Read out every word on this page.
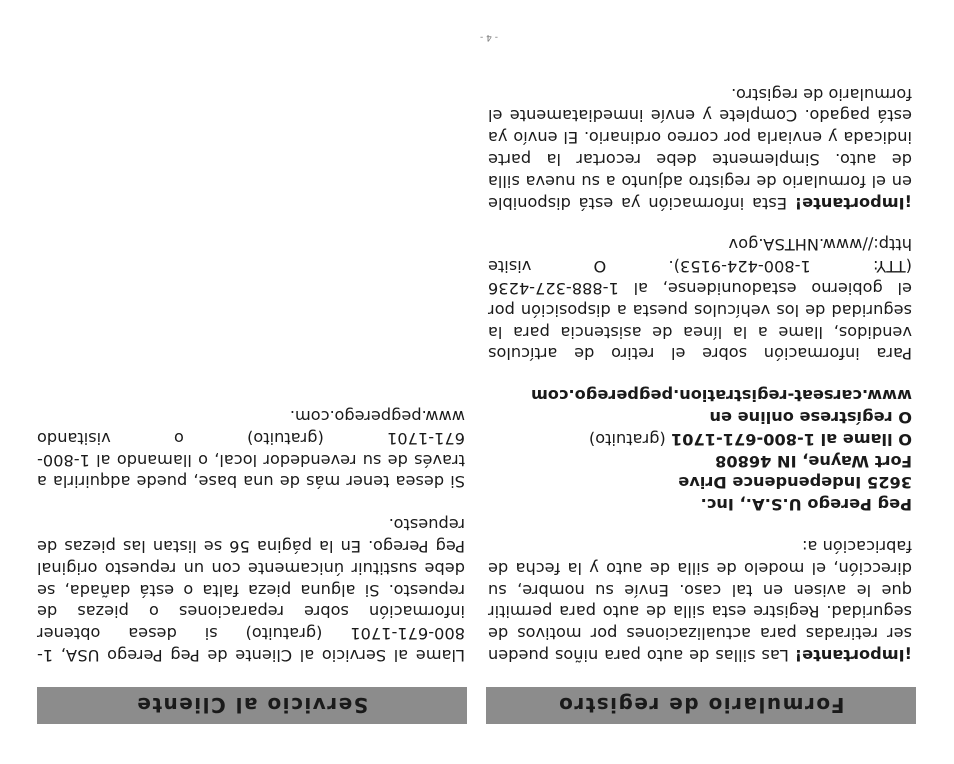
Formulario de registro

¡Importante! Las sillas de auto para niños pueden ser retiradas para actualizaciones por motivos de seguridad. Registre esta silla de auto para permitir que le avisen en tal caso. Envíe su nombre, su dirección, el modelo de silla de auto y la fecha de fabricación a:

Peg Perego U.S.A., Inc.

3625 Independence Drive

Fort Wayne, IN 46808

O llame al 1-800-671-1701 (gratuito)

O regístrese online en

www.carseat-registration.pegperego.com

Para información sobre el retiro de artículos vendidos, llame a la línea de asistencia para la seguridad de los vehículos puesta a disposición por el gobierno estadounidense, al 1-888-327-4236 (TTY: 1-800-424-9153). O visite http://www.NHTSA.gov

¡Importante! Esta información ya está disponible en el formulario de registro adjunto a su nueva silla de auto. Simplemente debe recortar la parte indicada y enviarla por correo ordinario. El envío ya está pagado. Complete y envíe inmediatamente el formulario de registro.

Servicio al Cliente

Llame al Servicio al Cliente de Peg Perego USA, 1-800-671-1701 (gratuito) si desea obtener información sobre reparaciones o piezas de repuesto. Si alguna pieza falta o está dañada, se debe sustituir únicamente con un repuesto original Peg Perego. En la página 56 se listan las piezas de repuesto.

Si desea tener más de una base, puede adquirirla a través de su revendedor local, o llamando al 1-800-671-1701 (gratuito) o visitando www.pegperego.com.

- 4 -
